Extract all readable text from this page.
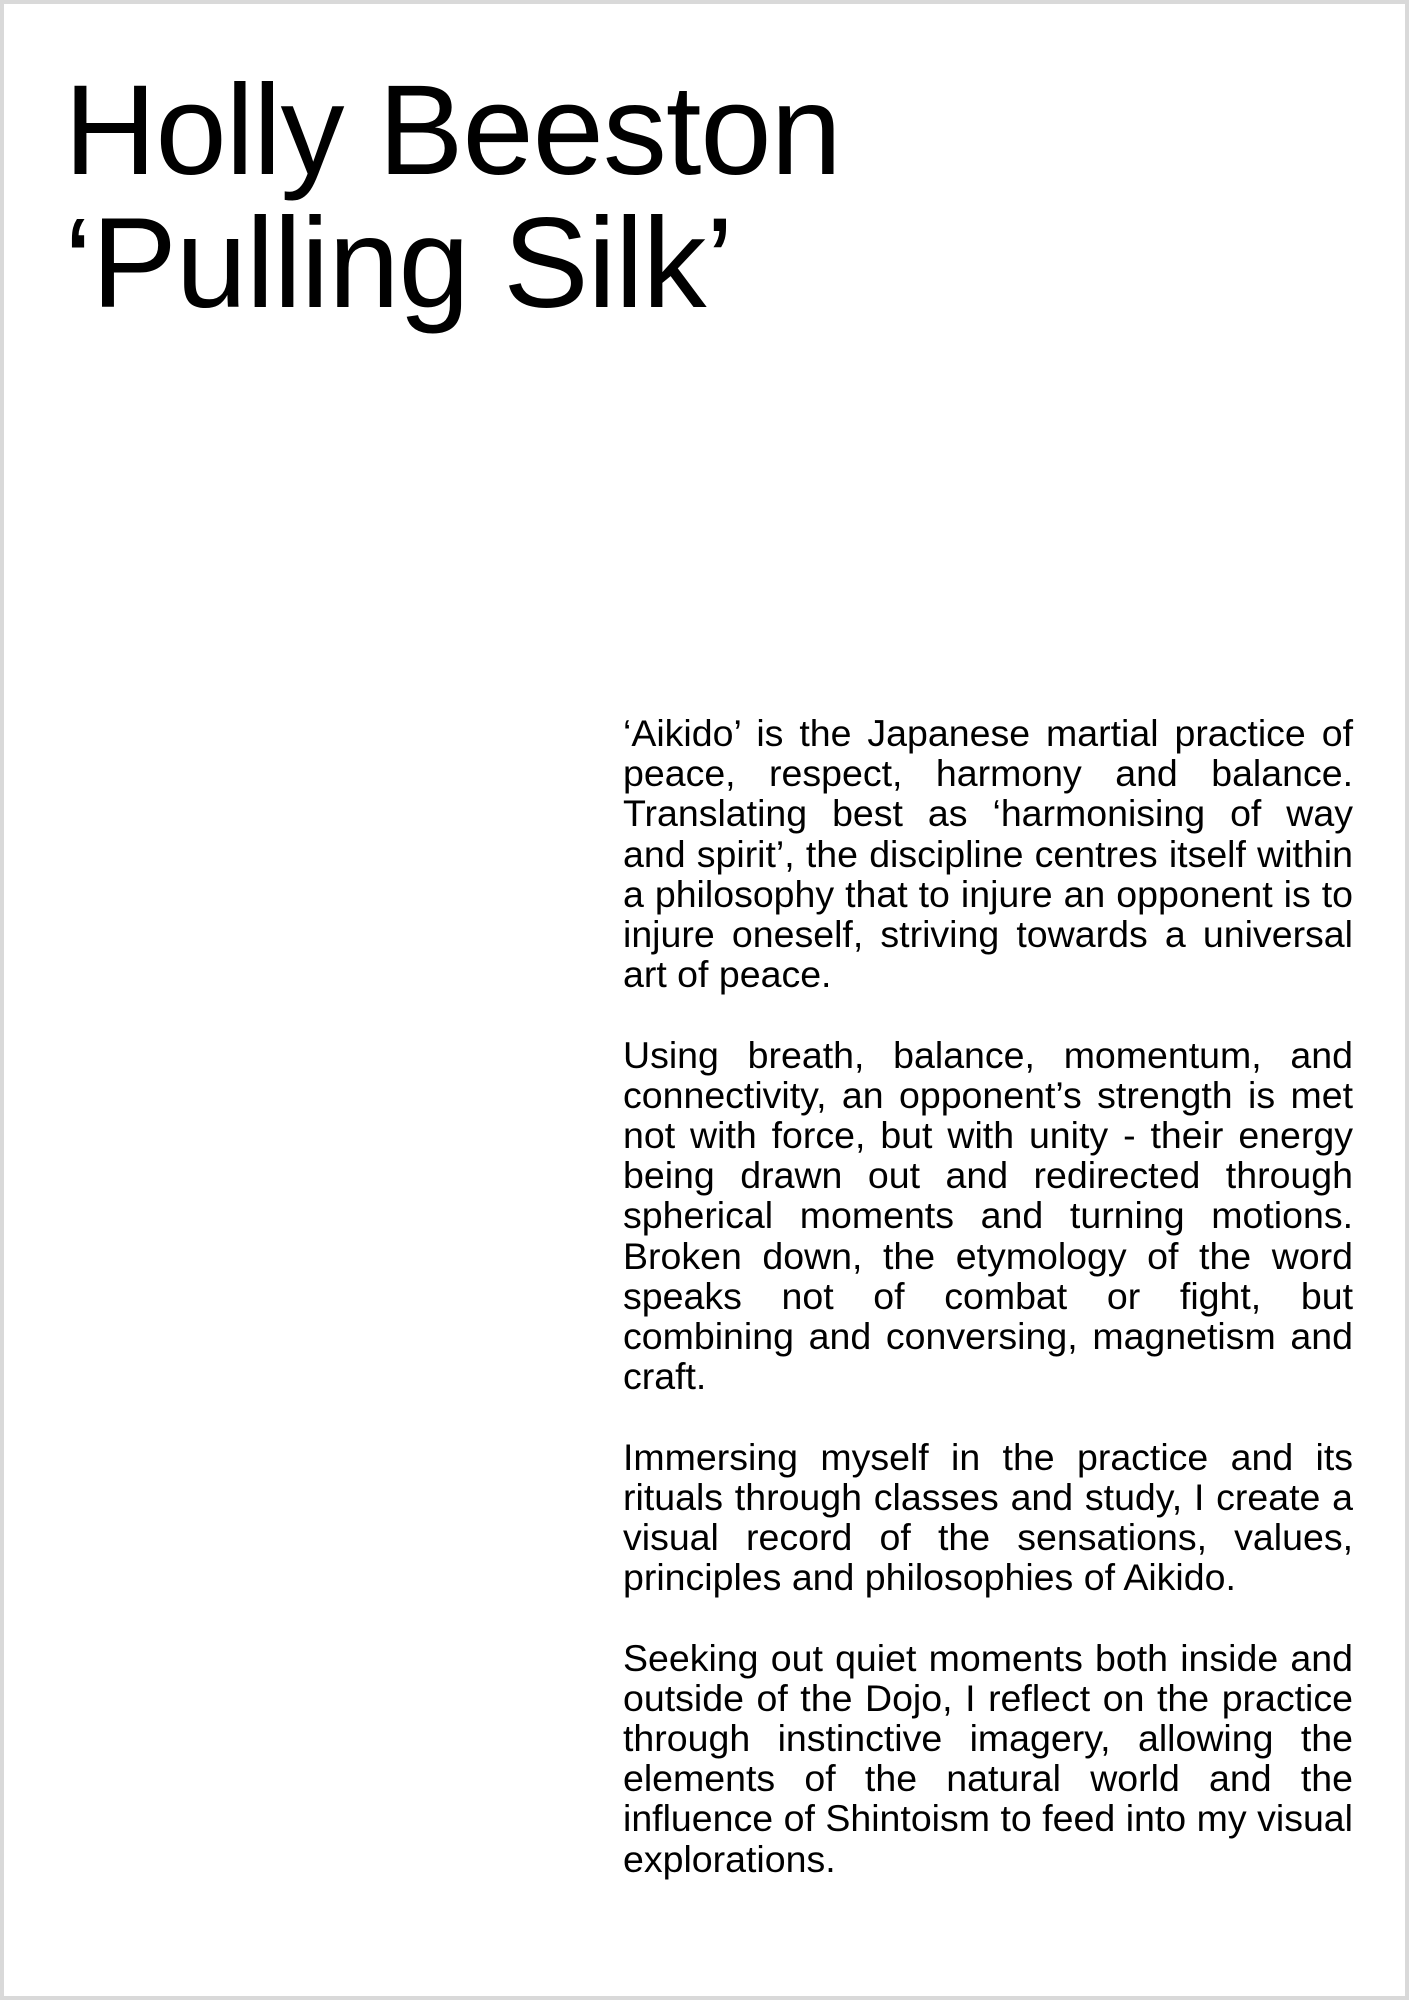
Holly Beeston
‘Pulling Silk’

‘Aikido’ is the Japanese martial practice of peace, respect, harmony and balance. Translating best as ‘harmonising of way and spirit’, the discipline centres itself within a philosophy that to injure an opponent is to injure oneself, striving towards a universal art of peace.

Using breath, balance, momentum, and connectivity, an opponent’s strength is met not with force, but with unity - their energy being drawn out and redirected through spherical moments and turning motions. Broken down, the etymology of the word speaks not of combat or fight, but combining and conversing, magnetism and craft.

Immersing myself in the practice and its rituals through classes and study, I create a visual record of the sensations, values, principles and philosophies of Aikido.

Seeking out quiet moments both inside and outside of the Dojo, I reflect on the practice through instinctive imagery, allowing the elements of the natural world and the influence of Shintoism to feed into my visual explorations.
